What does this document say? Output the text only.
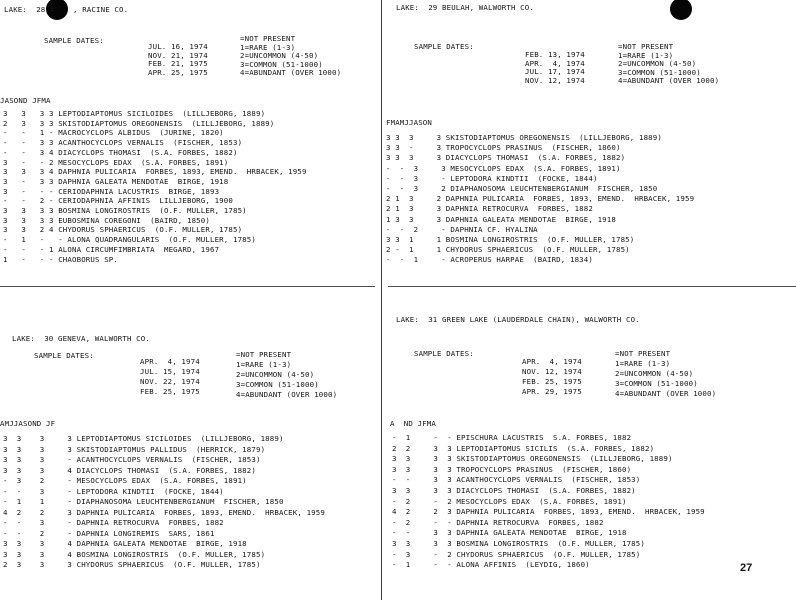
LAKE:  28 #    , RACINE CO.	LAKE:  29 BEULAH, WALWORTH CO.
LAKE:  30 GENEVA, WALWORTH CO.
LAKE:  31 GREEN LAKE (LAUDERDALE CHAIN), WALWORTH CO.
27
SAMPLE DATES:
JUL. 16, 1974
NOV. 21, 1974
FEB. 21, 1975
APR. 25, 1975
=NOT PRESENT
1=RARE (1-3)
2=UNCOMMON (4-50)
3=COMMON (51-1000)
4=ABUNDANT (OVER 1000)
JASOND JFMA
3   3   3 3 LEPTODIAPTOMUS SICILOIDES  (LILLJEBORG, 1889)
2   3   3 3 SKISTODIAPTOMUS OREGONENSIS  (LILLJEBORG, 1889)
-   -   1 - MACROCYCLOPS ALBIDUS  (JURINE, 1820)
-   -   3 3 ACANTHOCYCLOPS VERNALIS  (FISCHER, 1853)
-   -   3 4 DIACYCLOPS THOMASI  (S.A. FORBES, 1882)
3   -   - 2 MESOCYCLOPS EDAX  (S.A. FORBES, 1891)
3   3   3 4 DAPHNIA PULICARIA  FORBES, 1893, EMEND.  HRBACEK, 1959
3   -   3 3 DAPHNIA GALEATA MENDOTAE  BIRGE, 1918
3   -   - - CERIODAPHNIA LACUSTRIS  BIRGE, 1893
-   -   2 - CERIODAPHNIA AFFINIS  LILLJEBORG, 1900
3   3   3 3 BOSMINA LONGIROSTRIS  (O.F. MULLER, 1785)
3   3   3 3 EUBOSMINA COREGONI  (BAIRD, 1850)
3   3   2 4 CHYDORUS SPHAERICUS  (O.F. MULLER, 1785)
-   1   -   - ALONA QUADRANGULARIS  (O.F. MULLER, 1785)
-   -   - 1 ALONA CIRCUMFIMBRIATA  MEGARD, 1967
1   -   - - CHAOBORUS SP.
SAMPLE DATES:
FEB. 13, 1974
APR.  4, 1974
JUL. 17, 1974
NOV. 12, 1974
=NOT PRESENT
1=RARE (1-3)
2=UNCOMMON (4-50)
3=COMMON (51-1000)
4=ABUNDANT (OVER 1000)
FMAMJJASON
3 3  3     3 SKISTODIAPTOMUS OREGONENSIS  (LILLJEBORG, 1889)
3 3  -     3 TROPOCYCLOPS PRASINUS  (FISCHER, 1860)
3 3  3     3 DIACYCLOPS THOMASI  (S.A. FORBES, 1882)
-  -  3     3 MESOCYCLOPS EDAX  (S.A. FORBES, 1891)
-  -  3     - LEPTODORA KINDTII  (FOCKE, 1844)
-  -  3     2 DIAPHANOSOMA LEUCHTENBERGIANUM  FISCHER, 1850
2 1  3     2 DAPHNIA PULICARIA  FORBES, 1893, EMEND.  HRBACEK, 1959
2 1  3     3 DAPHNIA RETROCURVA  FORBES, 1882
1 3  3     3 DAPHNIA GALEATA MENDOTAE  BIRGE, 1918
-  -  2     - DAPHNIA CF. HYALINA
3 3  1     1 BOSMINA LONGIROSTRIS  (O.F. MULLER, 1785)
2 -  1     1 CHYDORUS SPHAERICUS  (O.F. MULLER, 1785)
-  -  1     - ACROPERUS HARPAE  (BAIRD, 1834)
SAMPLE DATES:
APR.  4, 1974
JUL. 15, 1974
NOV. 22, 1974
FEB. 25, 1975
=NOT PRESENT
1=RARE (1-3)
2=UNCOMMON (4-50)
3=COMMON (51-1000)
4=ABUNDANT (OVER 1000)
AMJJASOND JF
3  3    3     3 LEPTODIAPTOMUS SICILOIDES  (LILLJEBORG, 1889)
3  3    3     3 SKISTODIAPTOMUS PALLIDUS  (HERRICK, 1879)
3  3    3     - ACANTHOCYCLOPS VERNALIS  (FISCHER, 1853)
3  3    3     4 DIACYCLOPS THOMASI  (S.A. FORBES, 1882)
-  3    2     - MESOCYCLOPS EDAX  (S.A. FORBES, 1891)
-  -    3     - LEPTODORA KINDTII  (FOCKE, 1844)
-  1    1     - DIAPHANOSOMA LEUCHTENBERGIANUM  FISCHER, 1850
4  2    2     3 DAPHNIA PULICARIA  FORBES, 1893, EMEND.  HRBACEK, 1959
-  -    3     - DAPHNIA RETROCURVA  FORBES, 1882
-  -    2     - DAPHNIA LONGIREMIS  SARS, 1861
3  3    3     4 DAPHNIA GALEATA MENDOTAE  BIRGE, 1918
3  3    3     4 BOSMINA LONGIROSTRIS  (O.F. MULLER, 1785)
2  3    3     3 CHYDORUS SPHAERICUS  (O.F. MULLER, 1785)
SAMPLE DATES:
APR.  4, 1974
NOV. 12, 1974
FEB. 25, 1975
APR. 29, 1975
=NOT PRESENT
1=RARE (1-3)
2=UNCOMMON (4-50)
3=COMMON (51-1000)
4=ABUNDANT (OVER 1000)
A  ND JFMA
-  1     -  - EPISCHURA LACUSTRIS  S.A. FORBES, 1882
2  2     3  3 LEPTODIAPTOMUS SICILIS  (S.A. FORBES, 1882)
3  3     3  3 SKISTODIAPTOMUS OREGONENSIS  (LILLJEBORG, 1889)
3  3     3  3 TROPOCYCLOPS PRASINUS  (FISCHER, 1860)
-  -     3  3 ACANTHOCYCLOPS VERNALIS  (FISCHER, 1853)
3  3     3  3 DIACYCLOPS THOMASI  (S.A. FORBES, 1882)
-  2     -  2 MESOCYCLOPS EDAX  (S.A. FORBES, 1891)
4  2     2  3 DAPHNIA PULICARIA  FORBES, 1893, EMEND.  HRBACEK, 1959
-  2     -  - DAPHNIA RETROCURVA  FORBES, 1882
-  -     3  3 DAPHNIA GALEATA MENDOTAE  BIRGE, 1918
3  3     3  3 BOSMINA LONGIROSTRIS  (O.F. MULLER, 1785)
-  3     -  2 CHYDORUS SPHAERICUS  (O.F. MULLER, 1785)
-  1     -  - ALONA AFFINIS  (LEYDIG, 1860)
